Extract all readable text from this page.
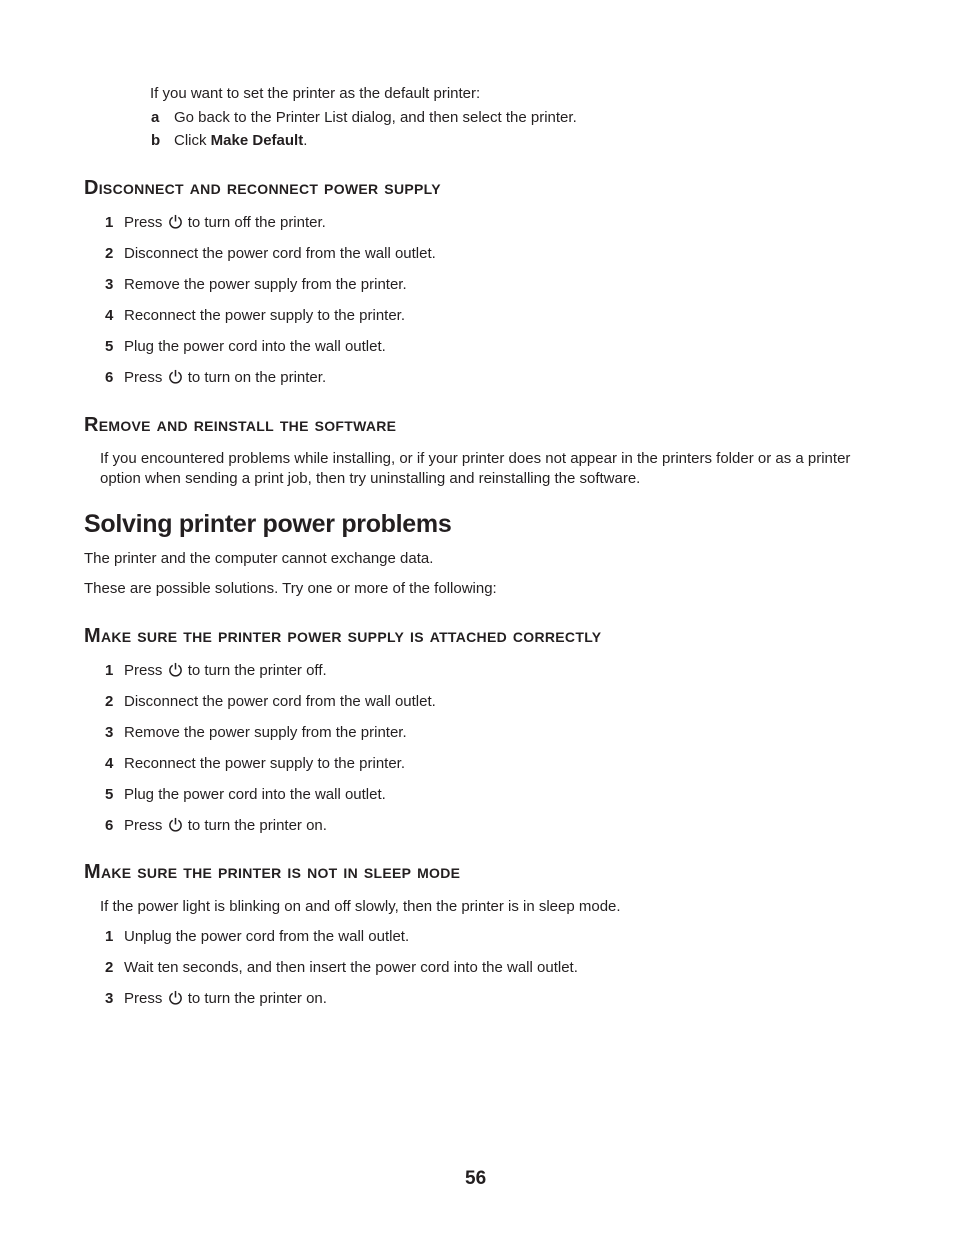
If you want to set the printer as the default printer:
a Go back to the Printer List dialog, and then select the printer.
b Click Make Default.
Disconnect and reconnect power supply
1 Press to turn off the printer.
2 Disconnect the power cord from the wall outlet.
3 Remove the power supply from the printer.
4 Reconnect the power supply to the printer.
5 Plug the power cord into the wall outlet.
6 Press to turn on the printer.
Remove and reinstall the software
If you encountered problems while installing, or if your printer does not appear in the printers folder or as a printer option when sending a print job, then try uninstalling and reinstalling the software.
Solving printer power problems
The printer and the computer cannot exchange data.
These are possible solutions. Try one or more of the following:
Make sure the printer power supply is attached correctly
1 Press to turn the printer off.
2 Disconnect the power cord from the wall outlet.
3 Remove the power supply from the printer.
4 Reconnect the power supply to the printer.
5 Plug the power cord into the wall outlet.
6 Press to turn the printer on.
Make sure the printer is not in sleep mode
If the power light is blinking on and off slowly, then the printer is in sleep mode.
1 Unplug the power cord from the wall outlet.
2 Wait ten seconds, and then insert the power cord into the wall outlet.
3 Press to turn the printer on.
56
